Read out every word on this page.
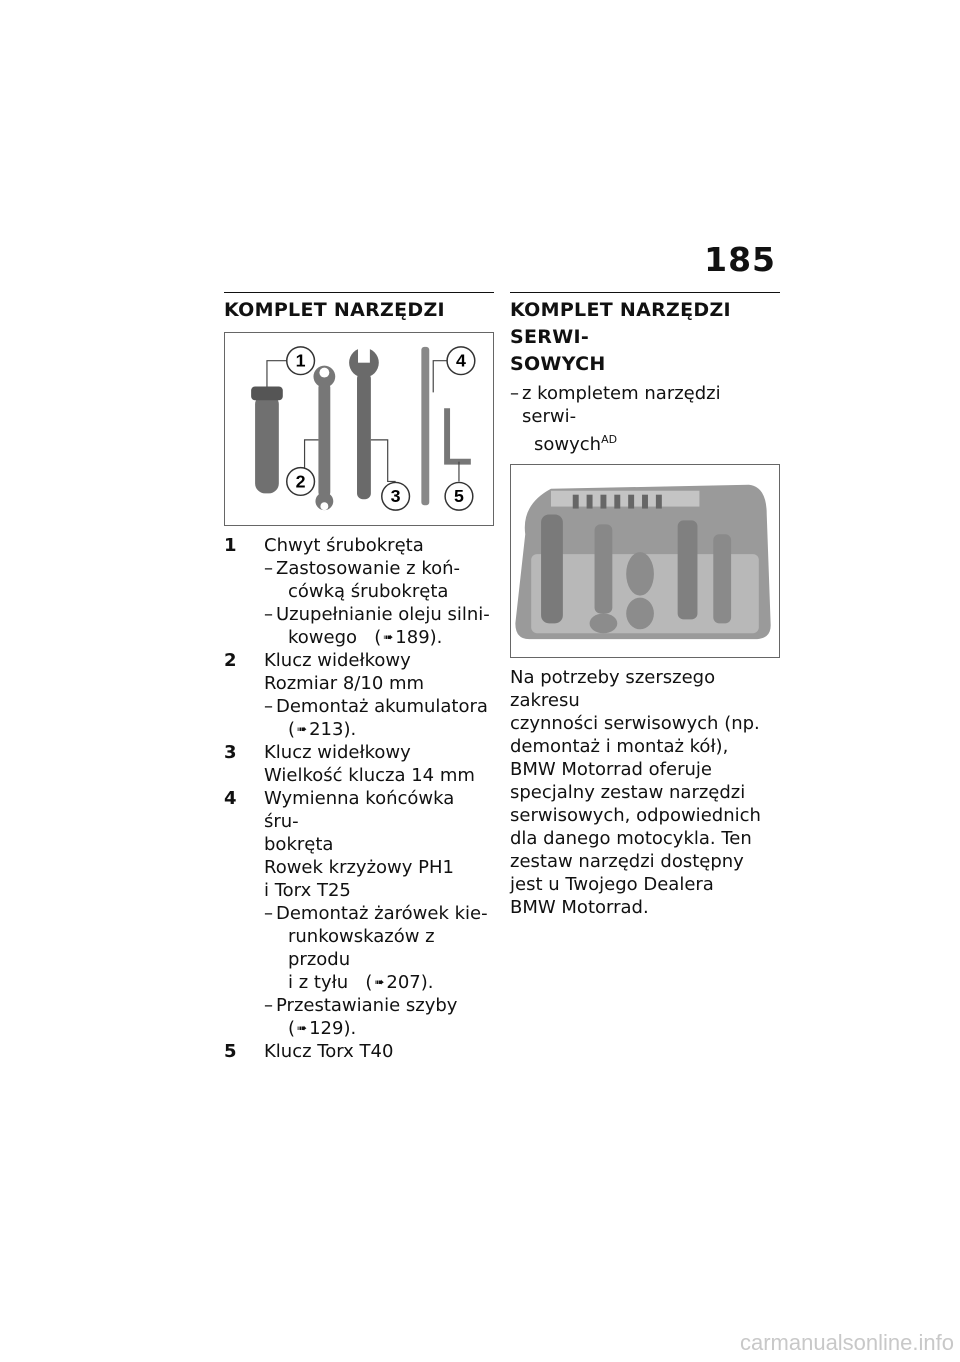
185
KOMPLET NARZĘDZI
1
2
3
4
5
1 Chwyt śrubokręta
– Zastosowanie z koń-
cówką śrubokręta
– Uzupełnianie oleju silni-
kowego ( ➠ 189).
2 Klucz widełkowy
Rozmiar 8/10 mm
– Demontaż akumulatora
( ➠ 213).
3 Klucz widełkowy
Wielkość klucza 14 mm
4 Wymienna końcówka śru-
bokręta
Rowek krzyżowy PH1
i Torx T25
– Demontaż żarówek kie-
runkowskazów z przodu
i z tyłu ( ➠ 207).
– Przestawianie szyby
( ➠ 129).
5 Klucz Torx T40
KOMPLET NARZĘDZI SERWI-
SOWYCH
– z kompletem narzędzi serwi-
sowych$^{AD}$
Na potrzeby szerszego zakresu
czynności serwisowych (np.
demontaż i montaż kół),
BMW Motorrad oferuje
specjalny zestaw narzędzi
serwisowych, odpowiednich
dla danego motocykla. Ten
zestaw narzędzi dostępny
jest u Twojego Dealera
BMW Motorrad.
carmanualsonline.info
